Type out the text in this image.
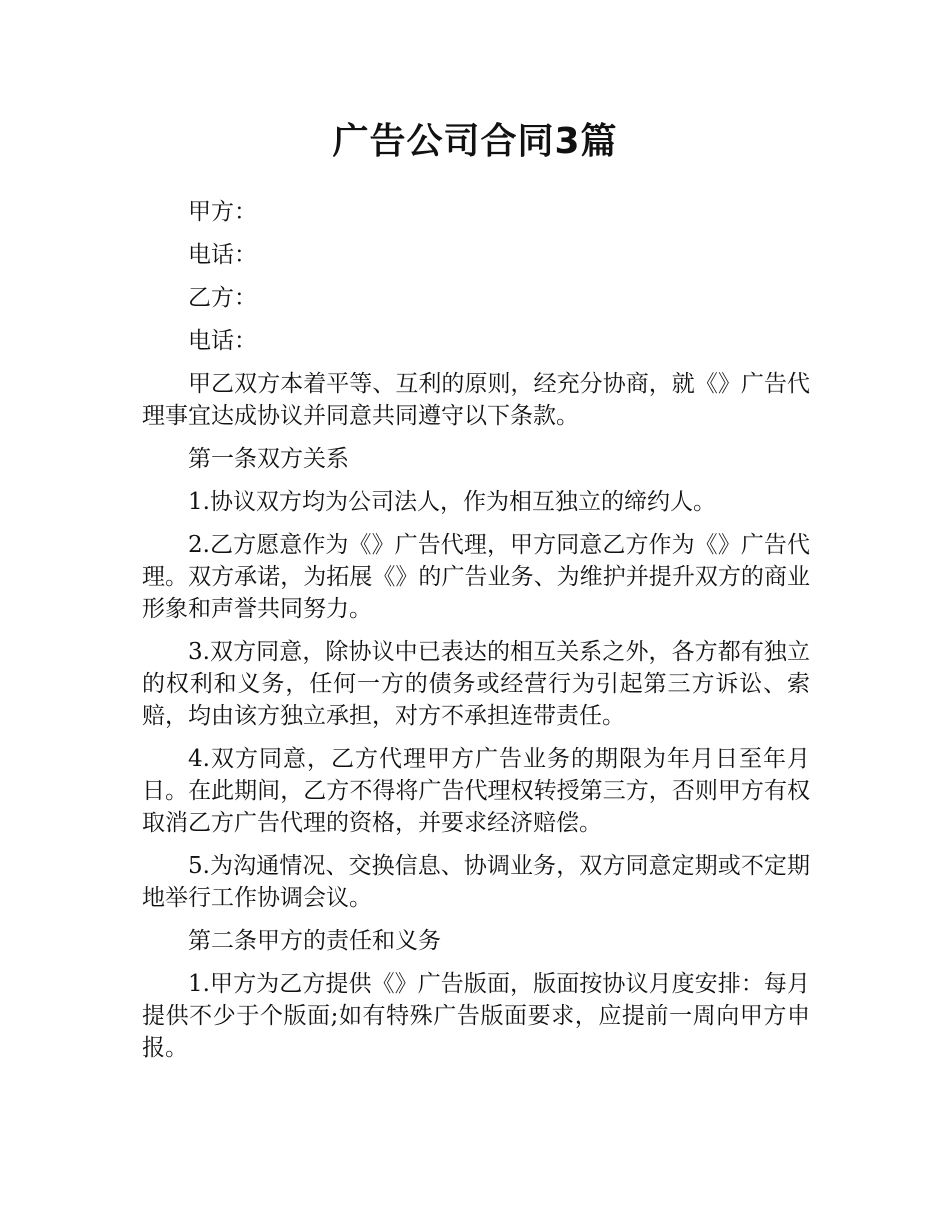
广告公司合同3篇

甲方：

电话：

乙方：

电话：

甲乙双方本着平等、互利的原则，经充分协商，就《》广告代理事宜达成协议并同意共同遵守以下条款。

第一条双方关系

1.协议双方均为公司法人，作为相互独立的缔约人。

2.乙方愿意作为《》广告代理，甲方同意乙方作为《》广告代理。双方承诺，为拓展《》的广告业务、为维护并提升双方的商业形象和声誉共同努力。

3.双方同意，除协议中已表达的相互关系之外，各方都有独立的权利和义务，任何一方的债务或经营行为引起第三方诉讼、索赔，均由该方独立承担，对方不承担连带责任。

4.双方同意，乙方代理甲方广告业务的期限为年月日至年月日。在此期间，乙方不得将广告代理权转授第三方，否则甲方有权取消乙方广告代理的资格，并要求经济赔偿。

5.为沟通情况、交换信息、协调业务，双方同意定期或不定期地举行工作协调会议。

第二条甲方的责任和义务

1.甲方为乙方提供《》广告版面，版面按协议月度安排：每月提供不少于个版面;如有特殊广告版面要求，应提前一周向甲方申报。
